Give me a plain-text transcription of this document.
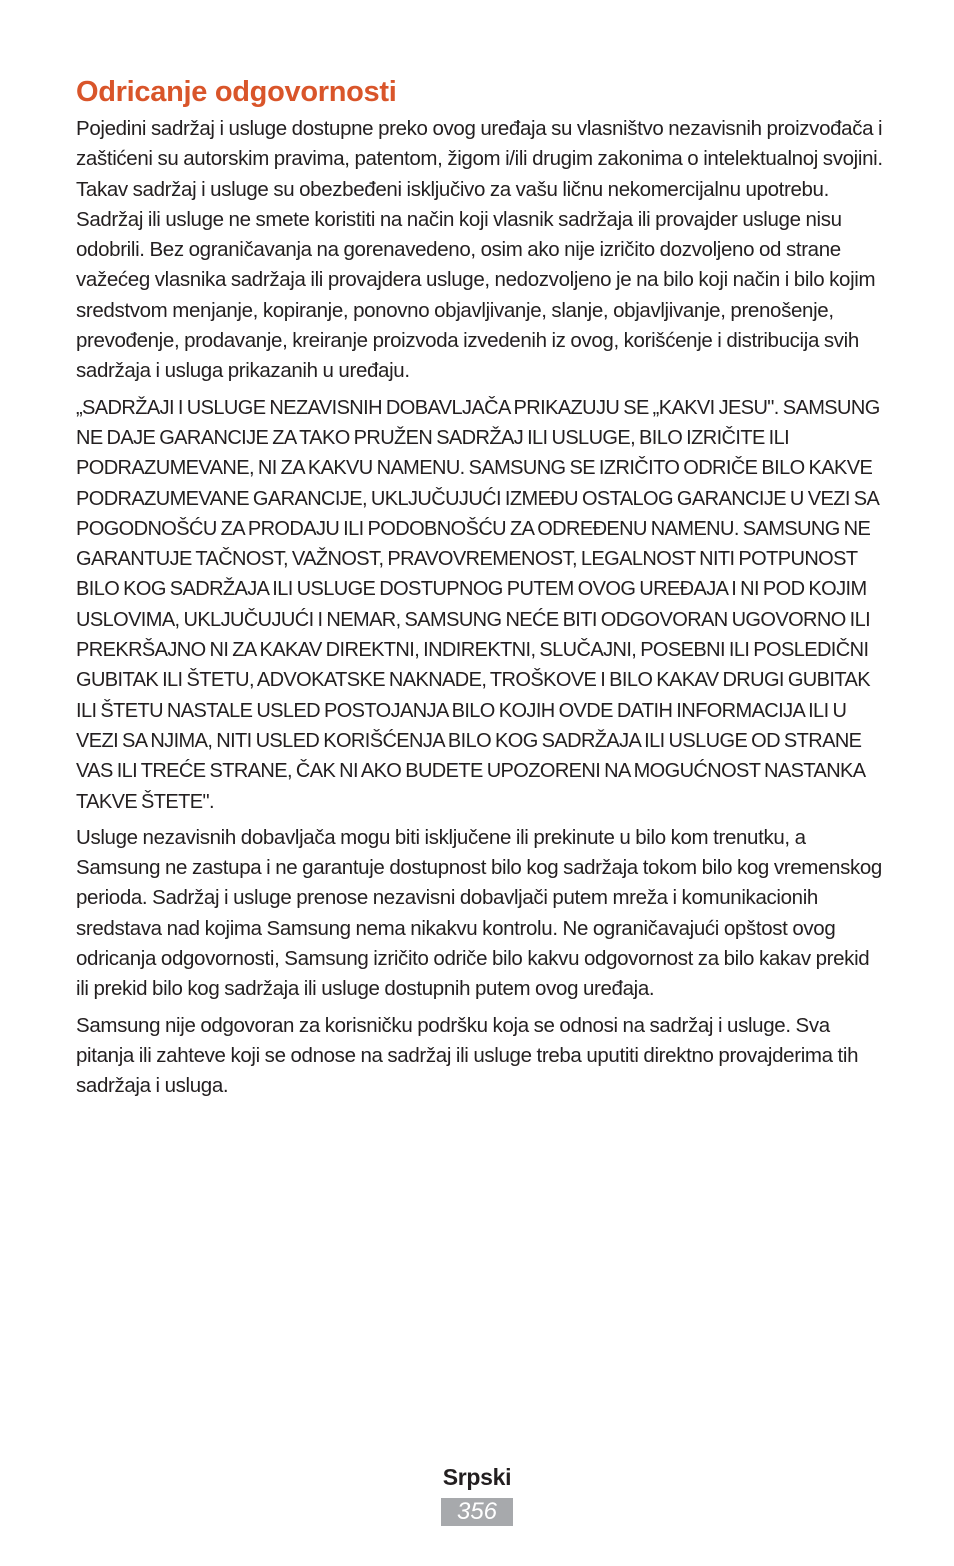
Odricanje odgovornosti

Pojedini sadržaj i usluge dostupne preko ovog uređaja su vlasništvo nezavisnih proizvođača i zaštićeni su autorskim pravima, patentom, žigom i/ili drugim zakonima o intelektualnoj svojini. Takav sadržaj i usluge su obezbeđeni isključivo za vašu ličnu nekomercijalnu upotrebu. Sadržaj ili usluge ne smete koristiti na način koji vlasnik sadržaja ili provajder usluge nisu odobrili. Bez ograničavanja na gorenavedeno, osim ako nije izričito dozvoljeno od strane važećeg vlasnika sadržaja ili provajdera usluge, nedozvoljeno je na bilo koji način i bilo kojim sredstvom menjanje, kopiranje, ponovno objavljivanje, slanje, objavljivanje, prenošenje, prevođenje, prodavanje, kreiranje proizvoda izvedenih iz ovog, korišćenje i distribucija svih sadržaja i usluga prikazanih u uređaju.

„SADRŽAJI I USLUGE NEZAVISNIH DOBAVLJAČA PRIKAZUJU SE „KAKVI JESU". SAMSUNG NE DAJE GARANCIJE ZA TAKO PRUŽEN SADRŽAJ ILI USLUGE, BILO IZRIČITE ILI PODRAZUMEVANE, NI ZA KAKVU NAMENU. SAMSUNG SE IZRIČITO ODRIČE BILO KAKVE PODRAZUMEVANE GARANCIJE, UKLJUČUJUĆI IZMEĐU OSTALOG GARANCIJE U VEZI SA POGODNOŠĆU ZA PRODAJU ILI PODOBNOŠĆU ZA ODREĐENU NAMENU. SAMSUNG NE GARANTUJE TAČNOST, VAŽNOST, PRAVOVREMENOST, LEGALNOST NITI POTPUNOST BILO KOG SADRŽAJA ILI USLUGE DOSTUPNOG PUTEM OVOG UREĐAJA I NI POD KOJIM USLOVIMA, UKLJUČUJUĆI I NEMAR, SAMSUNG NEĆE BITI ODGOVORAN UGOVORNO ILI PREKRŠAJNO NI ZA KAKAV DIREKTNI, INDIREKTNI, SLUČAJNI, POSEBNI ILI POSLEDIČNI GUBITAK ILI ŠTETU, ADVOKATSKE NAKNADE, TROŠKOVE I BILO KAKAV DRUGI GUBITAK ILI ŠTETU NASTALE USLED POSTOJANJA BILO KOJIH OVDE DATIH INFORMACIJA ILI U VEZI SA NJIMA, NITI USLED KORIŠĆENJA BILO KOG SADRŽAJA ILI USLUGE OD STRANE VAS ILI TREĆE STRANE, ČAK NI AKO BUDETE UPOZORENI NA MOGUĆNOST NASTANKA TAKVE ŠTETE".

Usluge nezavisnih dobavljača mogu biti isključene ili prekinute u bilo kom trenutku, a Samsung ne zastupa i ne garantuje dostupnost bilo kog sadržaja tokom bilo kog vremenskog perioda. Sadržaj i usluge prenose nezavisni dobavljači putem mreža i komunikacionih sredstava nad kojima Samsung nema nikakvu kontrolu. Ne ograničavajući opštost ovog odricanja odgovornosti, Samsung izričito odriče bilo kakvu odgovornost za bilo kakav prekid ili prekid bilo kog sadržaja ili usluge dostupnih putem ovog uređaja.

Samsung nije odgovoran za korisničku podršku koja se odnosi na sadržaj i usluge. Sva pitanja ili zahteve koji se odnose na sadržaj ili usluge treba uputiti direktno provajderima tih sadržaja i usluga.

Srpski
356
